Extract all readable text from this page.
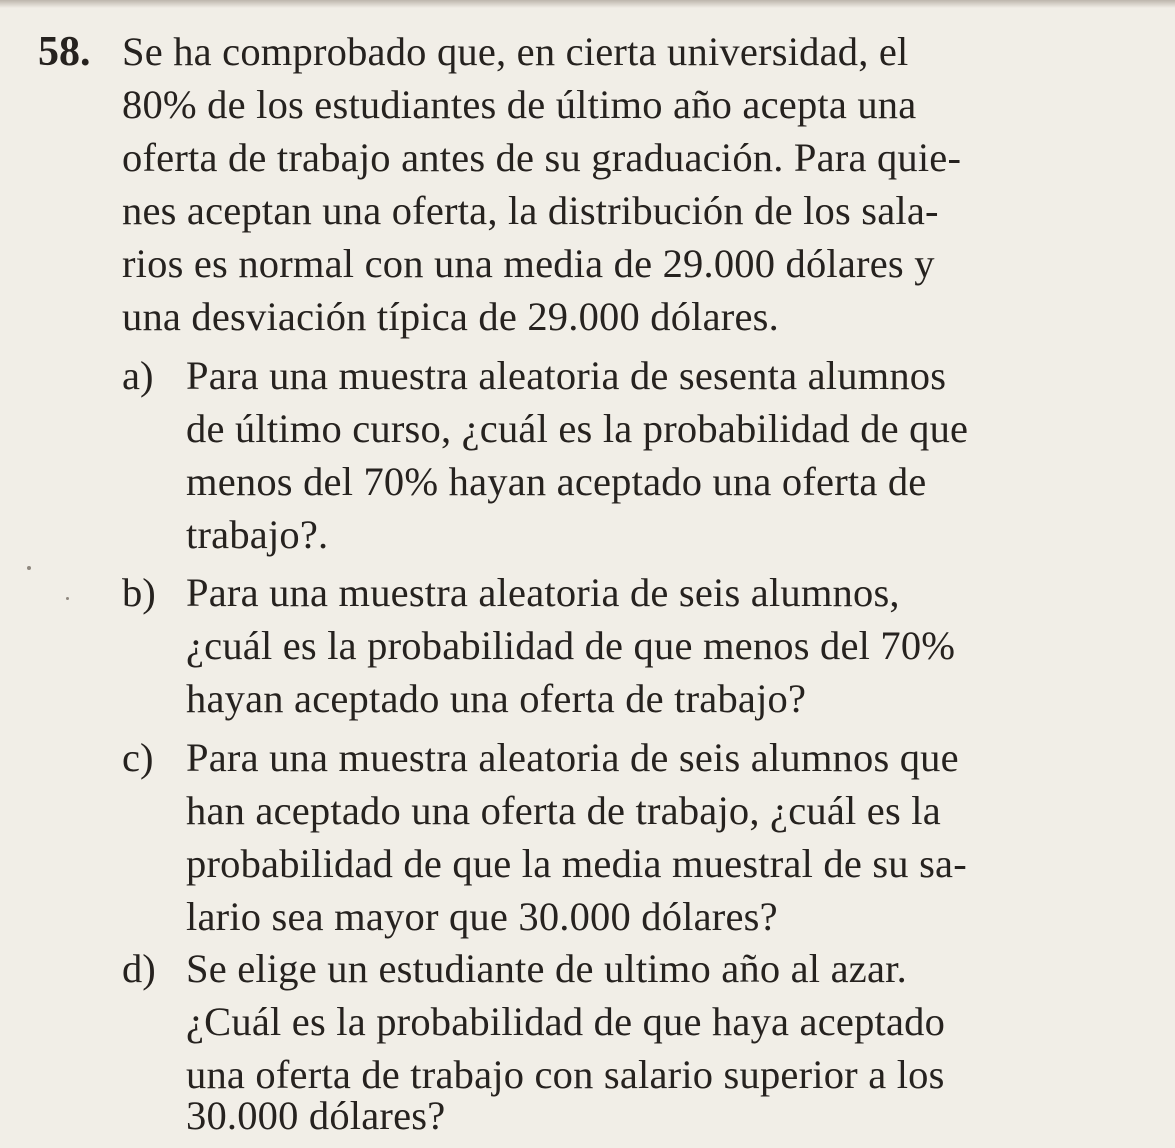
58. Se ha comprobado que, en cierta universidad, el
80% de los estudiantes de último año acepta una
oferta de trabajo antes de su graduación. Para quie-
nes aceptan una oferta, la distribución de los sala-
rios es normal con una media de 29.000 dólares y
una desviación típica de 29.000 dólares.
a) Para una muestra aleatoria de sesenta alumnos
de último curso, ¿cuál es la probabilidad de que
menos del 70% hayan aceptado una oferta de
trabajo?.
b) Para una muestra aleatoria de seis alumnos,
¿cuál es la probabilidad de que menos del 70%
hayan aceptado una oferta de trabajo?
c) Para una muestra aleatoria de seis alumnos que
han aceptado una oferta de trabajo, ¿cuál es la
probabilidad de que la media muestral de su sa-
lario sea mayor que 30.000 dólares?
d) Se elige un estudiante de ultimo año al azar.
¿Cuál es la probabilidad de que haya aceptado
una oferta de trabajo con salario superior a los
30.000 dólares?
